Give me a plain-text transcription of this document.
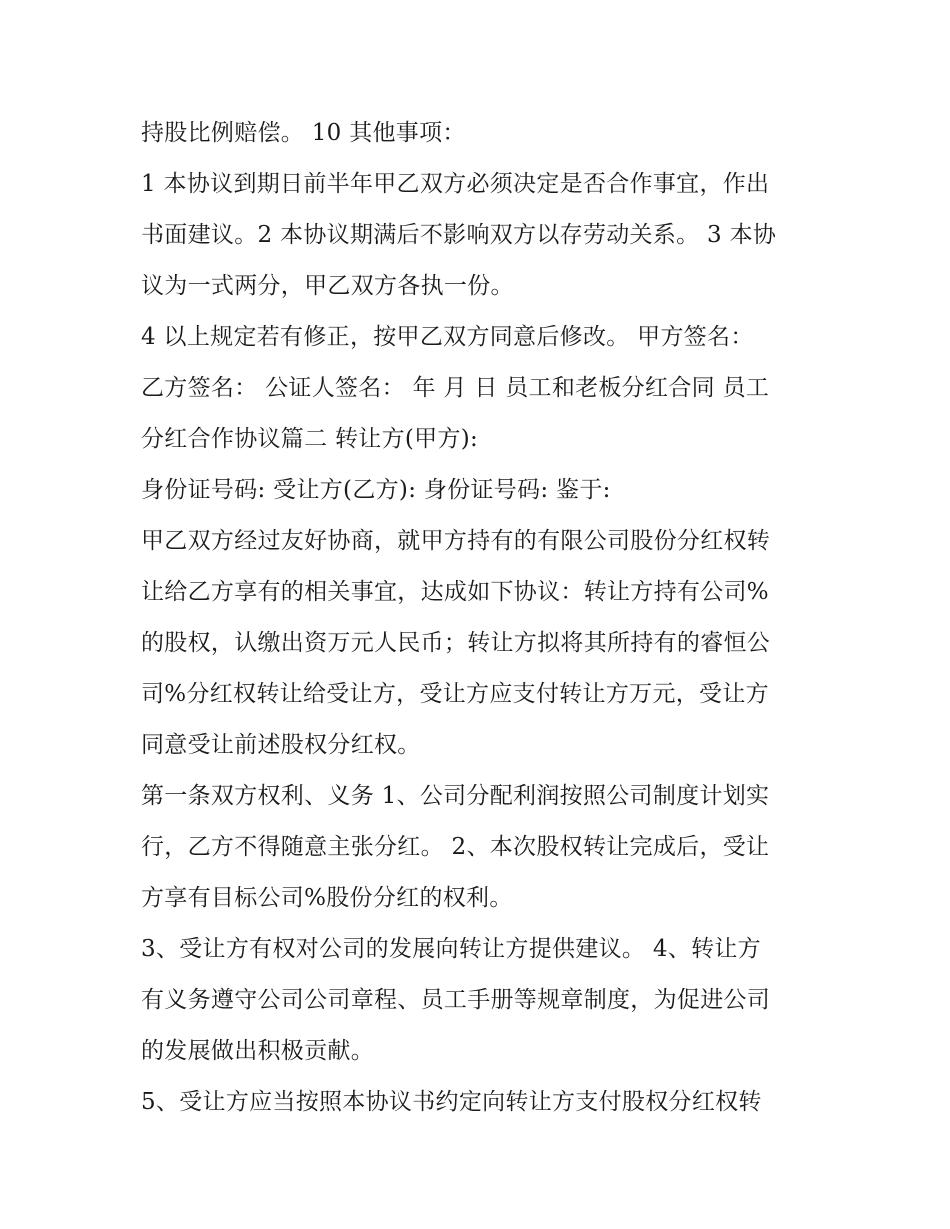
持股比例赔偿。 10 其他事项：
1 本协议到期日前半年甲乙双方必须决定是否合作事宜，作出
书面建议。2 本协议期满后不影响双方以存劳动关系。 3 本协
议为一式两分，甲乙双方各执一份。
4 以上规定若有修正，按甲乙双方同意后修改。 甲方签名：
乙方签名： 公证人签名： 年 月 日 员工和老板分红合同 员工
分红合作协议篇二 转让方(甲方):
身份证号码: 受让方(乙方): 身份证号码: 鉴于:
甲乙双方经过友好协商，就甲方持有的有限公司股份分红权转
让给乙方享有的相关事宜，达成如下协议：转让方持有公司%
的股权，认缴出资万元人民币；转让方拟将其所持有的睿恒公
司%分红权转让给受让方，受让方应支付转让方万元，受让方
同意受让前述股权分红权。
第一条双方权利、义务 1、公司分配利润按照公司制度计划实
行，乙方不得随意主张分红。 2、本次股权转让完成后，受让
方享有目标公司%股份分红的权利。
3、受让方有权对公司的发展向转让方提供建议。 4、转让方
有义务遵守公司公司章程、员工手册等规章制度，为促进公司
的发展做出积极贡献。
5、受让方应当按照本协议书约定向转让方支付股权分红权转
